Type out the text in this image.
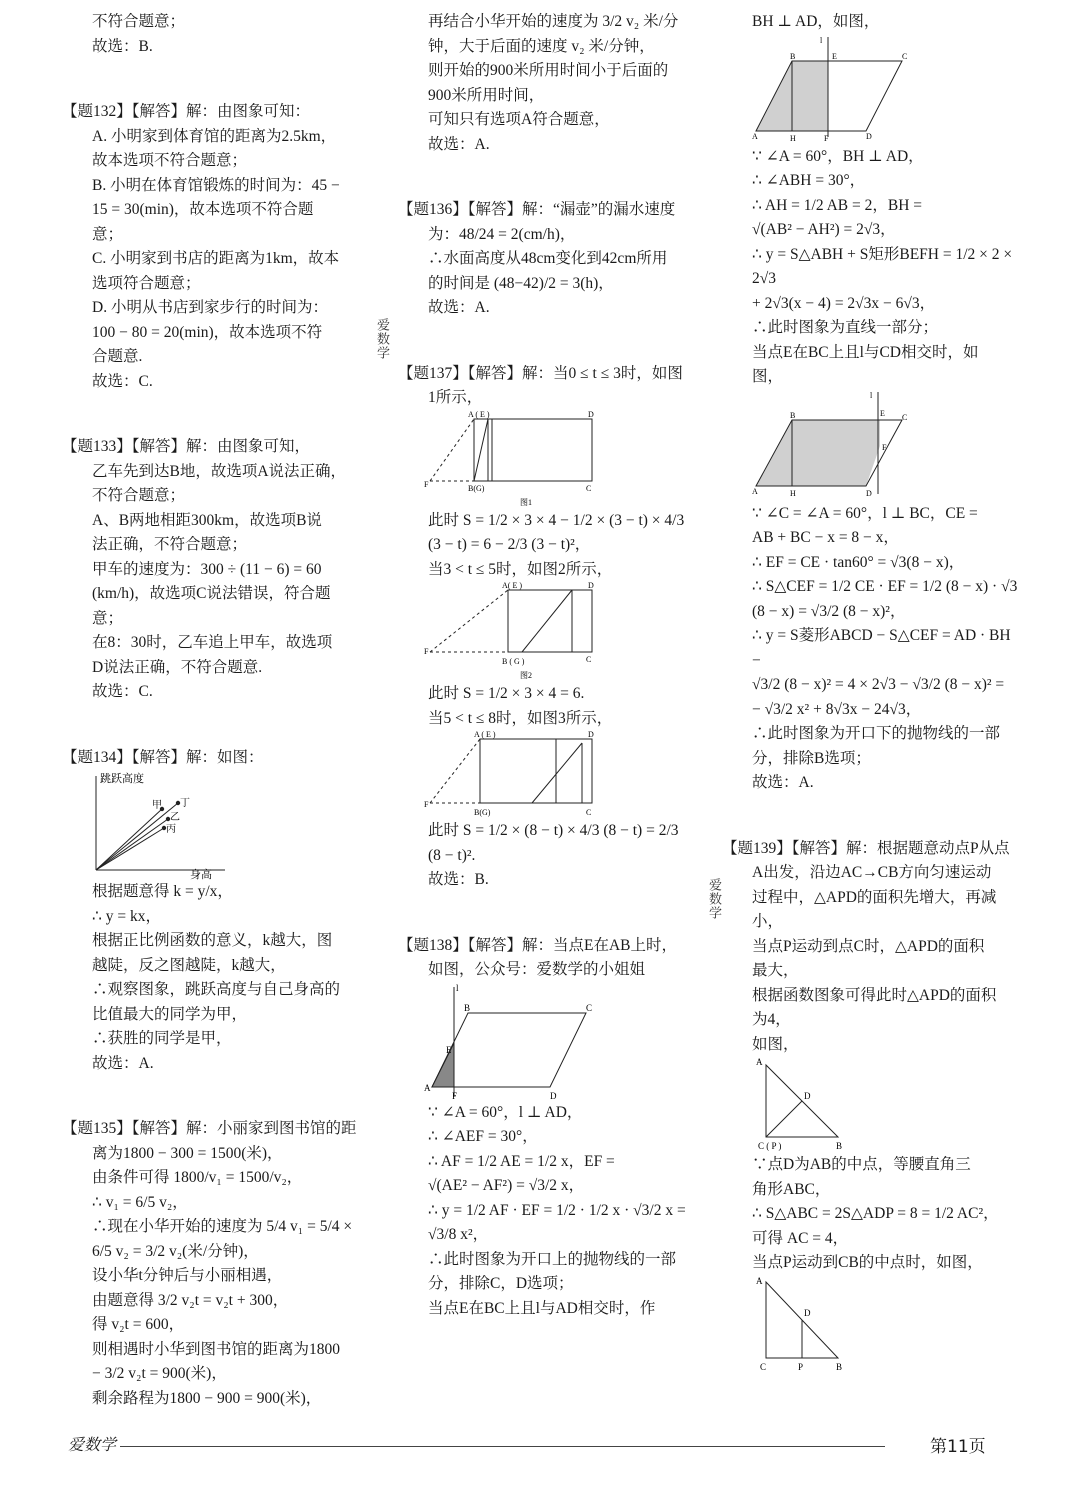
不符合题意；

故选：B.

【题132】【解答】解：由图象可知：

A. 小明家到体育馆的距离为2.5km，

故本选项不符合题意；

B. 小明在体育馆锻炼的时间为：45 −

15 = 30(min)，故本选项不符合题

意；

C. 小明家到书店的距离为1km，故本

选项符合题意；

D. 小明从书店到家步行的时间为：

100 − 80 = 20(min)，故本选项不符

合题意.

故选：C.

【题133】【解答】解：由图象可知，

乙车先到达B地，故选项A说法正确，

不符合题意；

A、B两地相距300km，故选项B说

法正确，不符合题意；

甲车的速度为：300 ÷ (11 − 6) = 60

(km/h)，故选项C说法错误，符合题

意；

在8：30时，乙车追上甲车，故选项

D说法正确，不符合题意.

故选：C.

【题134】【解答】解：如图：

跳跃高度
身高
甲 丁
乙
丙

根据题意得 k = y/x，

∴ y = kx，

根据正比例函数的意义，k越大，图

越陡，反之图越陡，k越大，

∴观察图象，跳跃高度与自己身高的

比值最大的同学为甲，

∴获胜的同学是甲，

故选：A.

【题135】【解答】解：小丽家到图书馆的距

离为1800 − 300 = 1500(米)，

由条件可得 1800/v₁ = 1500/v₂，

∴ v₁ = 6/5 v₂，

∴现在小华开始的速度为 5/4 v₁ = 5/4 ×

6/5 v₂ = 3/2 v₂(米/分钟)，

设小华t分钟后与小丽相遇，

由题意得 3/2 v₂t = v₂t + 300，

得 v₂t = 600，

则相遇时小华到图书馆的距离为1800

− 3/2 v₂t = 900(米)，

剩余路程为1800 − 900 = 900(米)，

再结合小华开始的速度为 3/2 v₂ 米/分

钟，大于后面的速度 v₂ 米/分钟，

则开始的900米所用时间小于后面的

900米所用时间，

可知只有选项A符合题意，

故选：A.

【题136】【解答】解：“漏壶”的漏水速度

为：48/24 = 2(cm/h)，

∴水面高度从48cm变化到42cm所用

的时间是 (48−42)/2 = 3(h)，

故选：A.

【题137】【解答】解：当0 ≤ t ≤ 3时，如图

1所示，

A ( E )	D
B(G)	C
F
图1

此时 S = 1/2 × 3 × 4 − 1/2 × (3 − t) × 4/3

(3 − t) = 6 − 2/3 (3 − t)²，

当3 < t ≤ 5时，如图2所示，

A( E )	D
B ( G )	C
F
图2

此时 S = 1/2 × 3 × 4 = 6.

当5 < t ≤ 8时，如图3所示，

A ( E )	D
B(G)	C
F

此时 S = 1/2 × (8 − t) × 4/3 (8 − t) = 2/3

(8 − t)².

故选：B.

【题138】【解答】解：当点E在AB上时，

如图，公众号：爱数学的小姐姐

l
B	C
A
D
E
F

∵ ∠A = 60°，l ⊥ AD，

∴ ∠AEF = 30°，

∴ AF = 1/2 AE = 1/2 x，EF =

√(AE² − AF²) = √3/2 x，

∴ y = 1/2 AF · EF = 1/2 · 1/2 x · √3/2 x =

√3/8 x²，

∴此时图象为开口上的抛物线的一部

分，排除C，D选项；

当点E在BC上且l与AD相交时，作

BH ⊥ AD，如图，

l
B	E	C
A	H	F	D

∵ ∠A = 60°，BH ⊥ AD，

∴ ∠ABH = 30°，

∴ AH = 1/2 AB = 2，BH =

√(AB² − AH²) = 2√3，

∴ y = S△ABH + S矩形BEFH = 1/2 × 2 × 2√3

+ 2√3(x − 4) = 2√3x − 6√3，

∴此时图象为直线一部分；

当点E在BC上且l与CD相交时，如

图，

l
B	E C
F
A	H	D

∵ ∠C = ∠A = 60°，l ⊥ BC，CE =

AB + BC − x = 8 − x，

∴ EF = CE · tan60° = √3(8 − x)，

∴ S△CEF = 1/2 CE · EF = 1/2 (8 − x) · √3

(8 − x) = √3/2 (8 − x)²，

∴ y = S菱形ABCD − S△CEF = AD · BH −

√3/2 (8 − x)² = 4 × 2√3 − √3/2 (8 − x)² =

− √3/2 x² + 8√3x − 24√3，

∴此时图象为开口下的抛物线的一部

分，排除B选项；

故选：A.

【题139】【解答】解：根据题意动点P从点

A出发，沿边AC→CB方向匀速运动

过程中，△APD的面积先增大，再减

小，

当点P运动到点C时，△APD的面积

最大，

根据函数图象可得此时△APD的面积

为4，

如图，

A
D
C ( P )	B

∵点D为AB的中点，等腰直角三

角形ABC，

∴ S△ABC = 2S△ADP = 8 = 1/2 AC²，

可得 AC = 4，

当点P运动到CB的中点时，如图，

A
D
C	P	B
爱数学
爱数学
爱数学	第11页
